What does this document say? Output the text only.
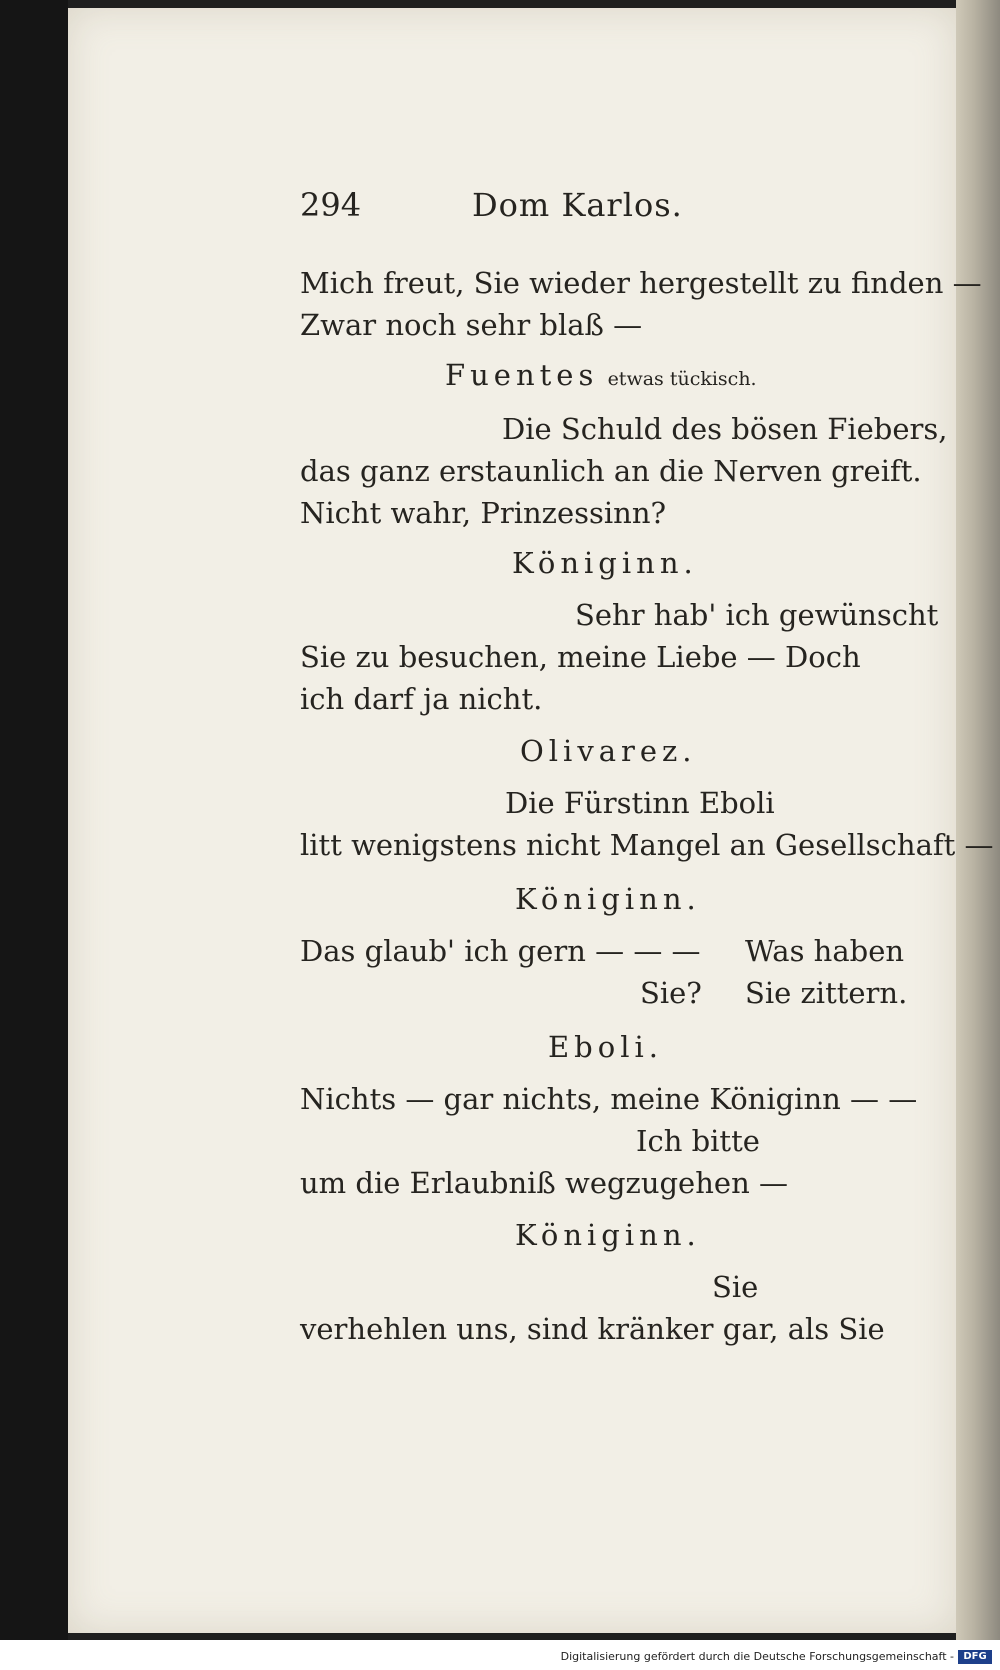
294	Dom Karlos.
Mich freut, Sie wieder hergestellt zu finden —
Zwar noch sehr blaß —
Fuentes etwas tückisch.
Die Schuld des bösen Fiebers,
das ganz erstaunlich an die Nerven greift.
Nicht wahr, Prinzessinn?
Königinn.
Sehr hab' ich gewünscht
Sie zu besuchen, meine Liebe — Doch
ich darf ja nicht.
Olivarez.
Die Fürstinn Eboli
litt wenigstens nicht Mangel an Gesellschaft —
Königinn.
Das glaub' ich gern — — — Was haben
Sie? Sie zittern.
Eboli.
Nichts — gar nichts, meine Königinn — —
Ich bitte
um die Erlaubniß wegzugehen —
Königinn.
Sie
verhehlen uns, sind kränker gar, als Sie
Digitalisierung gefördert durch die Deutsche Forschungsgemeinschaft - DFG
